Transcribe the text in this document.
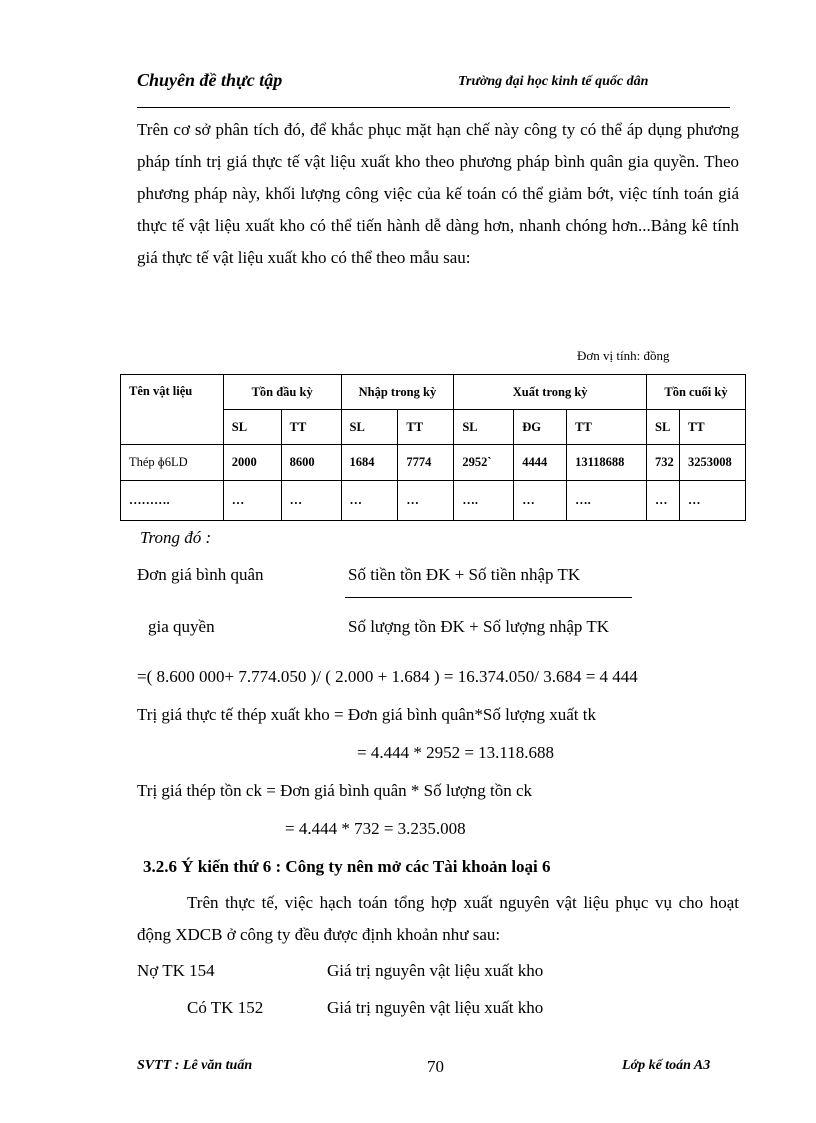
Chuyên đề thực tập	Trường đại học kinh tế quốc dân
Trên cơ sở phân tích đó, để khắc phục mặt hạn chế này công ty có thể áp dụng phương pháp tính trị giá thực tế vật liệu xuất kho theo phương pháp bình quân gia quyền. Theo phương pháp này, khối lượng công việc của kế toán có thể giảm bớt, việc tính toán giá thực tế vật liệu xuất kho có thể tiến hành dễ dàng hơn, nhanh chóng hơn...Bảng kê tính giá thực tế vật liệu xuất kho có thể theo mẫu sau:
Đơn vị tính: đồng
Tên vật liệu	Tồn đầu kỳ		Nhập trong kỳ		Xuất trong kỳ			Tồn cuối kỳ	
	SL	TT	SL	TT	SL	ĐG	TT	SL	TT
Thép ɸ6LD	2000	8600	1684	7774	2952`	4444	13118688	732	3253008
……….	…	…	…	…	….	…	….	…	…
Trong đó :
Đơn giá bình quân	Số tiền tồn ĐK + Số tiền nhập TK
gia quyền	Số lượng tồn ĐK + Số lượng nhập TK
=( 8.600 000+ 7.774.050 )/ ( 2.000 + 1.684 ) = 16.374.050/ 3.684 = 4 444
Trị giá thực tế thép xuất kho = Đơn giá bình quân*Số lượng xuất tk
= 4.444 * 2952 = 13.118.688
Trị giá thép tồn ck = Đơn giá bình quân * Số lượng tồn ck
= 4.444 * 732 = 3.235.008
3.2.6 Ý kiến thứ 6 : Công ty nên mở các Tài khoản loại 6
Trên thực tế, việc hạch toán tổng hợp xuất nguyên vật liệu phục vụ cho hoạt động XDCB ở công ty đều được định khoản như sau:
Nợ TK 154	Giá trị nguyên vật liệu xuất kho
Có TK 152	Giá trị nguyên vật liệu xuất kho
SVTT : Lê văn tuấn	70	Lớp kế toán A3
